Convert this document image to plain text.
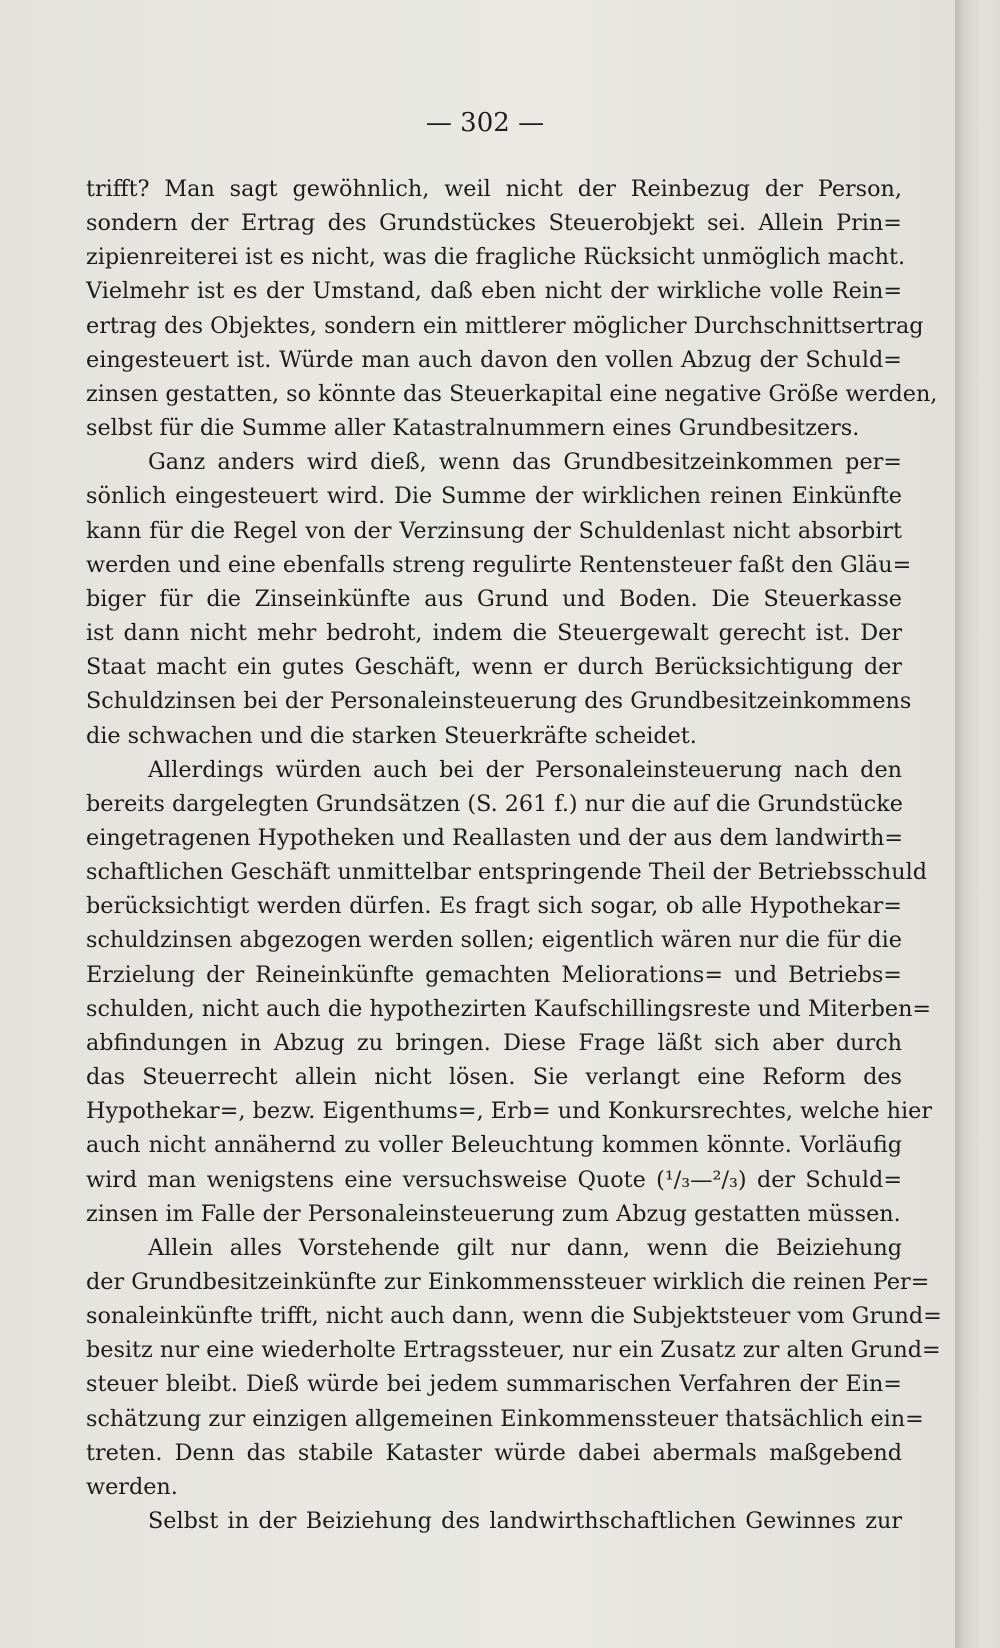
— 302 —
trifft? Man sagt gewöhnlich, weil nicht der Reinbezug der Person,
sondern der Ertrag des Grundstückes Steuerobjekt sei. Allein Prin=
zipienreiterei ist es nicht, was die fragliche Rücksicht unmöglich macht.
Vielmehr ist es der Umstand, daß eben nicht der wirkliche volle Rein=
ertrag des Objektes, sondern ein mittlerer möglicher Durchschnittsertrag
eingesteuert ist. Würde man auch davon den vollen Abzug der Schuld=
zinsen gestatten, so könnte das Steuerkapital eine negative Größe werden,
selbst für die Summe aller Katastralnummern eines Grundbesitzers.
Ganz anders wird dieß, wenn das Grundbesitzeinkommen per=
sönlich eingesteuert wird. Die Summe der wirklichen reinen Einkünfte
kann für die Regel von der Verzinsung der Schuldenlast nicht absorbirt
werden und eine ebenfalls streng regulirte Rentensteuer faßt den Gläu=
biger für die Zinseinkünfte aus Grund und Boden. Die Steuerkasse
ist dann nicht mehr bedroht, indem die Steuergewalt gerecht ist. Der
Staat macht ein gutes Geschäft, wenn er durch Berücksichtigung der
Schuldzinsen bei der Personaleinsteuerung des Grundbesitzeinkommens
die schwachen und die starken Steuerkräfte scheidet.
Allerdings würden auch bei der Personaleinsteuerung nach den
bereits dargelegten Grundsätzen (S. 261 f.) nur die auf die Grundstücke
eingetragenen Hypotheken und Reallasten und der aus dem landwirth=
schaftlichen Geschäft unmittelbar entspringende Theil der Betriebsschuld
berücksichtigt werden dürfen. Es fragt sich sogar, ob alle Hypothekar=
schuldzinsen abgezogen werden sollen; eigentlich wären nur die für die
Erzielung der Reineinkünfte gemachten Meliorations= und Betriebs=
schulden, nicht auch die hypothezirten Kaufschillingsreste und Miterben=
abfindungen in Abzug zu bringen. Diese Frage läßt sich aber durch
das Steuerrecht allein nicht lösen. Sie verlangt eine Reform des
Hypothekar=, bezw. Eigenthums=, Erb= und Konkursrechtes, welche hier
auch nicht annähernd zu voller Beleuchtung kommen könnte. Vorläufig
wird man wenigstens eine versuchsweise Quote (¹/₃—²/₃) der Schuld=
zinsen im Falle der Personaleinsteuerung zum Abzug gestatten müssen.
Allein alles Vorstehende gilt nur dann, wenn die Beiziehung
der Grundbesitzeinkünfte zur Einkommenssteuer wirklich die reinen Per=
sonaleinkünfte trifft, nicht auch dann, wenn die Subjektsteuer vom Grund=
besitz nur eine wiederholte Ertragssteuer, nur ein Zusatz zur alten Grund=
steuer bleibt. Dieß würde bei jedem summarischen Verfahren der Ein=
schätzung zur einzigen allgemeinen Einkommenssteuer thatsächlich ein=
treten. Denn das stabile Kataster würde dabei abermals maßgebend
werden.
Selbst in der Beiziehung des landwirthschaftlichen Gewinnes zur
